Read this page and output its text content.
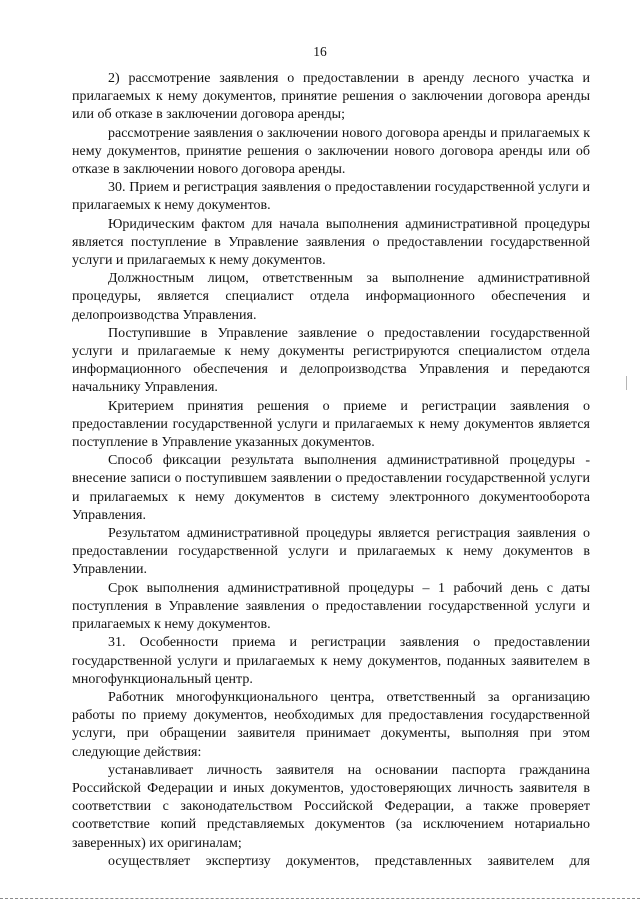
16

2) рассмотрение заявления о предоставлении в аренду лесного участка и прилагаемых к нему документов, принятие решения о заключении договора аренды или об отказе в заключении договора аренды;

рассмотрение заявления о заключении нового договора аренды и прилагаемых к нему документов, принятие решения о заключении нового договора аренды или об отказе в заключении нового договора аренды.

30. Прием и регистрация заявления о предоставлении государственной услуги и прилагаемых к нему документов.

Юридическим фактом для начала выполнения административной процедуры является поступление в Управление заявления о предоставлении государственной услуги и прилагаемых к нему документов.

Должностным лицом, ответственным за выполнение административной процедуры, является специалист отдела информационного обеспечения и делопроизводства Управления.

Поступившие в Управление заявление о предоставлении государственной услуги и прилагаемые к нему документы регистрируются специалистом отдела информационного обеспечения и делопроизводства Управления и передаются начальнику Управления.

Критерием принятия решения о приеме и регистрации заявления о предоставлении государственной услуги и прилагаемых к нему документов является поступление в Управление указанных документов.

Способ фиксации результата выполнения административной процедуры - внесение записи о поступившем заявлении о предоставлении государственной услуги и прилагаемых к нему документов в систему электронного документооборота Управления.

Результатом административной процедуры является регистрация заявления о предоставлении государственной услуги и прилагаемых к нему документов в Управлении.

Срок выполнения административной процедуры – 1 рабочий день с даты поступления в Управление заявления о предоставлении государственной услуги и прилагаемых к нему документов.

31. Особенности приема и регистрации заявления о предоставлении государственной услуги и прилагаемых к нему документов, поданных заявителем в многофункциональный центр.

Работник многофункционального центра, ответственный за организацию работы по приему документов, необходимых для предоставления государственной услуги, при обращении заявителя принимает документы, выполняя при этом следующие действия:

устанавливает личность заявителя на основании паспорта гражданина Российской Федерации и иных документов, удостоверяющих личность заявителя в соответствии с законодательством Российской Федерации, а также проверяет соответствие копий представляемых документов (за исключением нотариально заверенных) их оригиналам;

осуществляет экспертизу документов, представленных заявителем для
